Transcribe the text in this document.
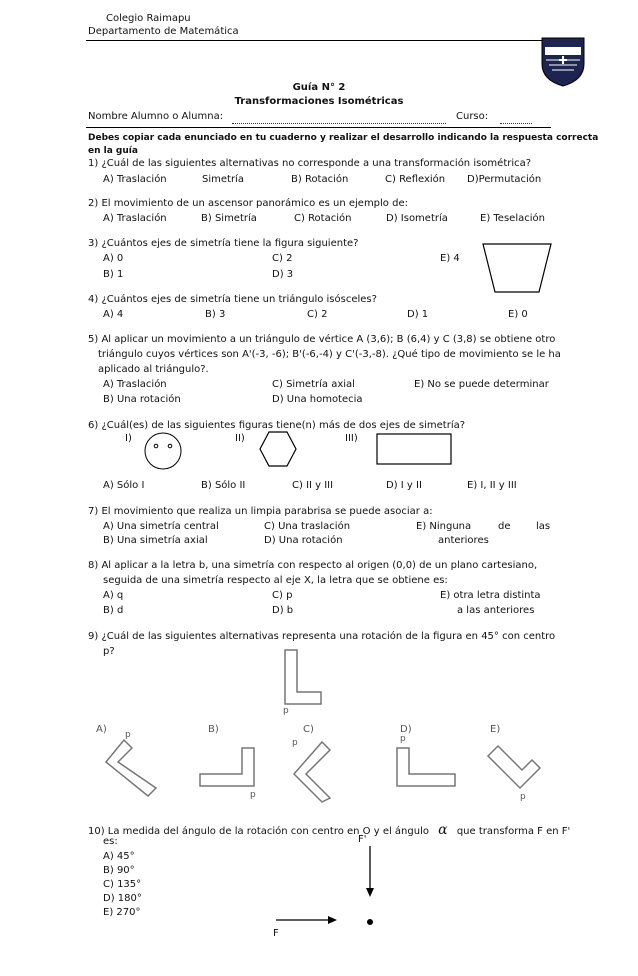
Colegio Raimapu
Departamento de Matemática
Guía N° 2
Transformaciones Isométricas
Nombre Alumno o Alumna:	Curso:
Debes copiar cada enunciado en tu cuaderno y realizar el desarrollo indicando la respuesta correcta
en la guía
1) ¿Cuál de las siguientes alternativas no corresponde a una transformación isométrica?
A) Traslación	Simetría	B) Rotación	C) Reflexión D)Permutación
2) El movimiento de un ascensor panorámico es un ejemplo de:
A) Traslación	B) Simetría	C) Rotación	D) Isometría	E) Teselación
3) ¿Cuántos ejes de simetría tiene la figura siguiente?
A) 0	C) 2	E) 4
B) 1	D) 3
4) ¿Cuántos ejes de simetría tiene un triángulo isósceles?
A) 4	B) 3	C) 2	D) 1	E) 0
5) Al aplicar un movimiento a un triángulo de vértice A (3,6); B (6,4) y C (3,8) se obtiene otro
triángulo cuyos vértices son A'(-3, -6); B'(-6,-4) y C'(-3,-8). ¿Qué tipo de movimiento se le ha
aplicado al triángulo?.
A) Traslación	C) Simetría axial	E) No se puede determinar
B) Una rotación	D) Una homotecia
6) ¿Cuál(es) de las siguientes figuras tiene(n) más de dos ejes de simetría?
I)	II)	III)
A) Sólo I	B) Sólo II	C) II y III	D) I y II	E) I, II y III
7) El movimiento que realiza un limpia parabrisa se puede asociar a:
A) Una simetría central	C) Una traslación	E) Ninguna	de	las
B) Una simetría axial	D) Una rotación	anteriores
8) Al aplicar a la letra b, una simetría con respecto al origen (0,0) de un plano cartesiano,
seguida de una simetría respecto al eje X, la letra que se obtiene es:
A) q	C) p	E) otra letra distinta
B) d	D) b	a las anteriores
9) ¿Cuál de las siguientes alternativas representa una rotación de la figura en 45° con centro
p?
p
A)	B)	C)	D)	E)
p
p
p	p
p
10) La medida del ángulo de la rotación con centro en O y el ángulo α que transforma F en F'
es:
A) 45°
B) 90°
C) 135°
D) 180°
E) 270°
F'
F
